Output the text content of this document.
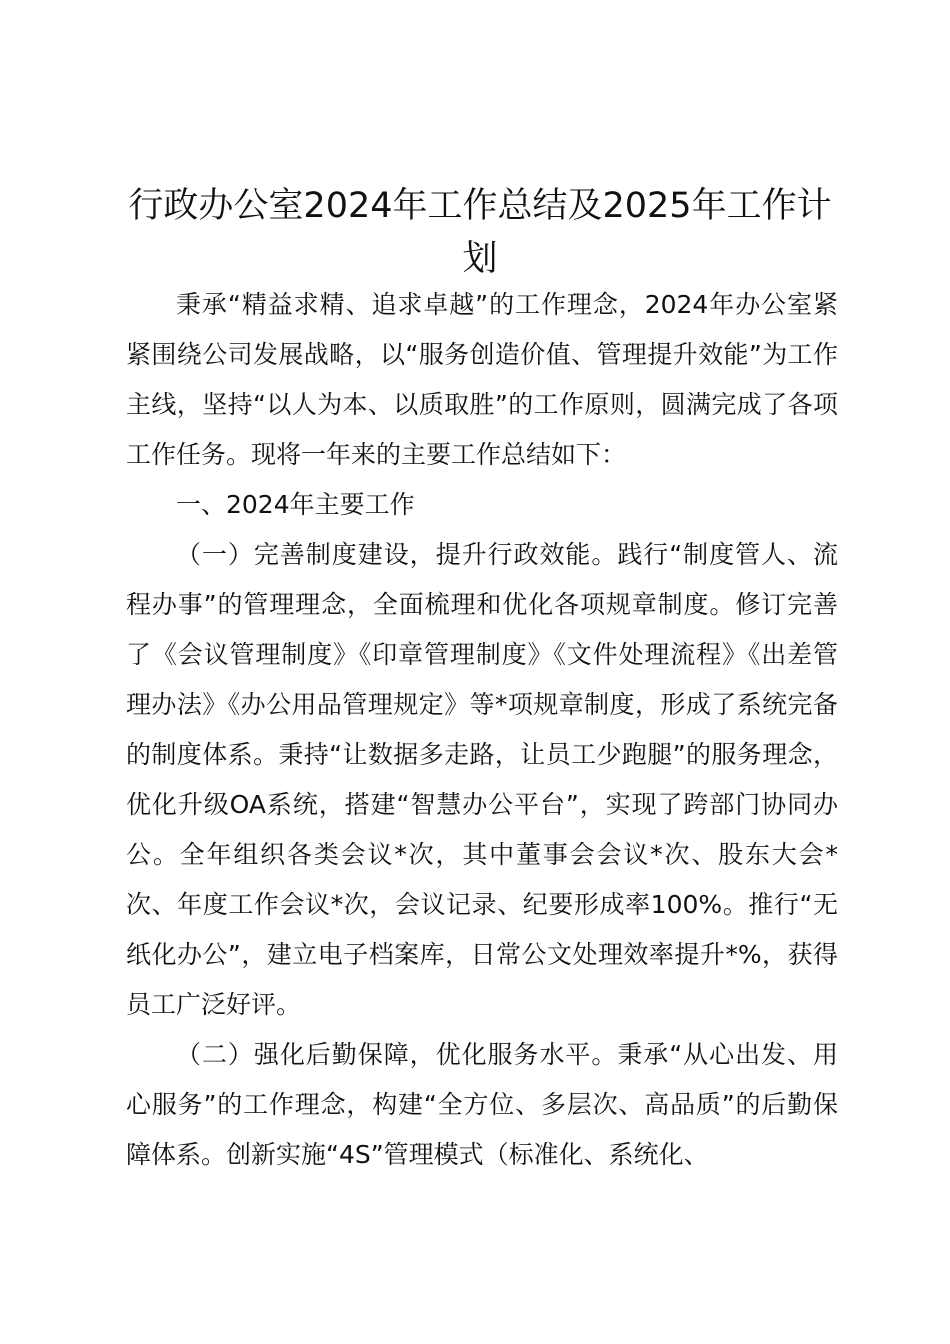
行政办公室2024年工作总结及2025年工作计划

秉承“精益求精、追求卓越”的工作理念，2024年办公室紧紧围绕公司发展战略，以“服务创造价值、管理提升效能”为工作主线，坚持“以人为本、以质取胜”的工作原则，圆满完成了各项工作任务。现将一年来的主要工作总结如下：

一、2024年主要工作

（一）完善制度建设，提升行政效能。践行“制度管人、流程办事”的管理理念，全面梳理和优化各项规章制度。修订完善了《会议管理制度》《印章管理制度》《文件处理流程》《出差管理办法》《办公用品管理规定》等*项规章制度，形成了系统完备的制度体系。秉持“让数据多走路，让员工少跑腿”的服务理念，优化升级OA系统，搭建“智慧办公平台”，实现了跨部门协同办公。全年组织各类会议*次，其中董事会会议*次、股东大会*次、年度工作会议*次，会议记录、纪要形成率100%。推行“无纸化办公”，建立电子档案库，日常公文处理效率提升*%，获得员工广泛好评。

（二）强化后勤保障，优化服务水平。秉承“从心出发、用心服务”的工作理念，构建“全方位、多层次、高品质”的后勤保障体系。创新实施“4S”管理模式（标准化、系统化、
